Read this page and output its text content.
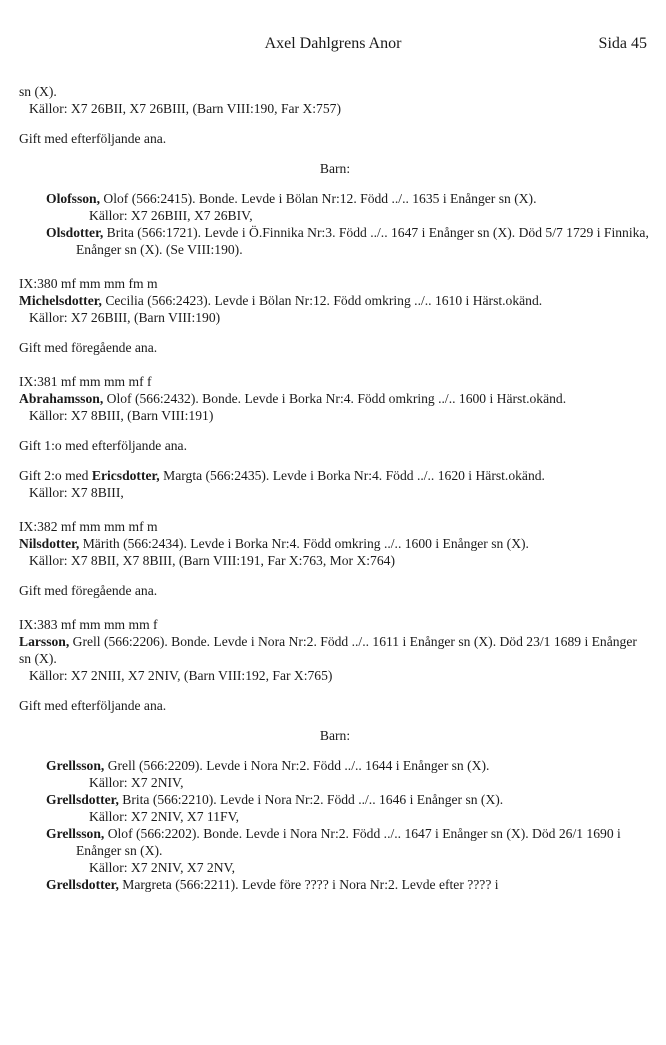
Axel Dahlgrens Anor	Sida 45

sn (X).

Källor: X7 26BII, X7 26BIII, (Barn VIII:190, Far X:757)

Gift med efterföljande ana.

Barn:

Olofsson, Olof (566:2415). Bonde. Levde i Bölan Nr:12. Född ../.. 1635 i Enånger sn (X).

Källor: X7 26BIII, X7 26BIV,

Olsdotter, Brita (566:1721). Levde i Ö.Finnika Nr:3. Född ../.. 1647 i Enånger sn (X). Död 5/7 1729 i Finnika, Enånger sn (X). (Se VIII:190).

IX:380 mf mm mm fm m

Michelsdotter, Cecilia (566:2423). Levde i Bölan Nr:12. Född omkring ../.. 1610 i Härst.okänd.

Källor: X7 26BIII, (Barn VIII:190)

Gift med föregående ana.

IX:381 mf mm mm mf f

Abrahamsson, Olof (566:2432). Bonde. Levde i Borka Nr:4. Född omkring ../.. 1600 i Härst.okänd.

Källor: X7 8BIII, (Barn VIII:191)

Gift 1:o med efterföljande ana.

Gift 2:o med Ericsdotter, Margta (566:2435). Levde i Borka Nr:4. Född ../.. 1620 i Härst.okänd.

Källor: X7 8BIII,

IX:382 mf mm mm mf m

Nilsdotter, Märith (566:2434). Levde i Borka Nr:4. Född omkring ../.. 1600 i Enånger sn (X).

Källor: X7 8BII, X7 8BIII, (Barn VIII:191, Far X:763, Mor X:764)

Gift med föregående ana.

IX:383 mf mm mm mm f

Larsson, Grell (566:2206). Bonde. Levde i Nora Nr:2. Född ../.. 1611 i Enånger sn (X). Död 23/1 1689 i Enånger sn (X).

Källor: X7 2NIII, X7 2NIV, (Barn VIII:192, Far X:765)

Gift med efterföljande ana.

Barn:

Grellsson, Grell (566:2209). Levde i Nora Nr:2. Född ../.. 1644 i Enånger sn (X).

Källor: X7 2NIV,

Grellsdotter, Brita (566:2210). Levde i Nora Nr:2. Född ../.. 1646 i Enånger sn (X).

Källor: X7 2NIV, X7 11FV,

Grellsson, Olof (566:2202). Bonde. Levde i Nora Nr:2. Född ../.. 1647 i Enånger sn (X). Död 26/1 1690 i Enånger sn (X).

Källor: X7 2NIV, X7 2NV,

Grellsdotter, Margreta (566:2211). Levde före ???? i Nora Nr:2. Levde efter ???? i
